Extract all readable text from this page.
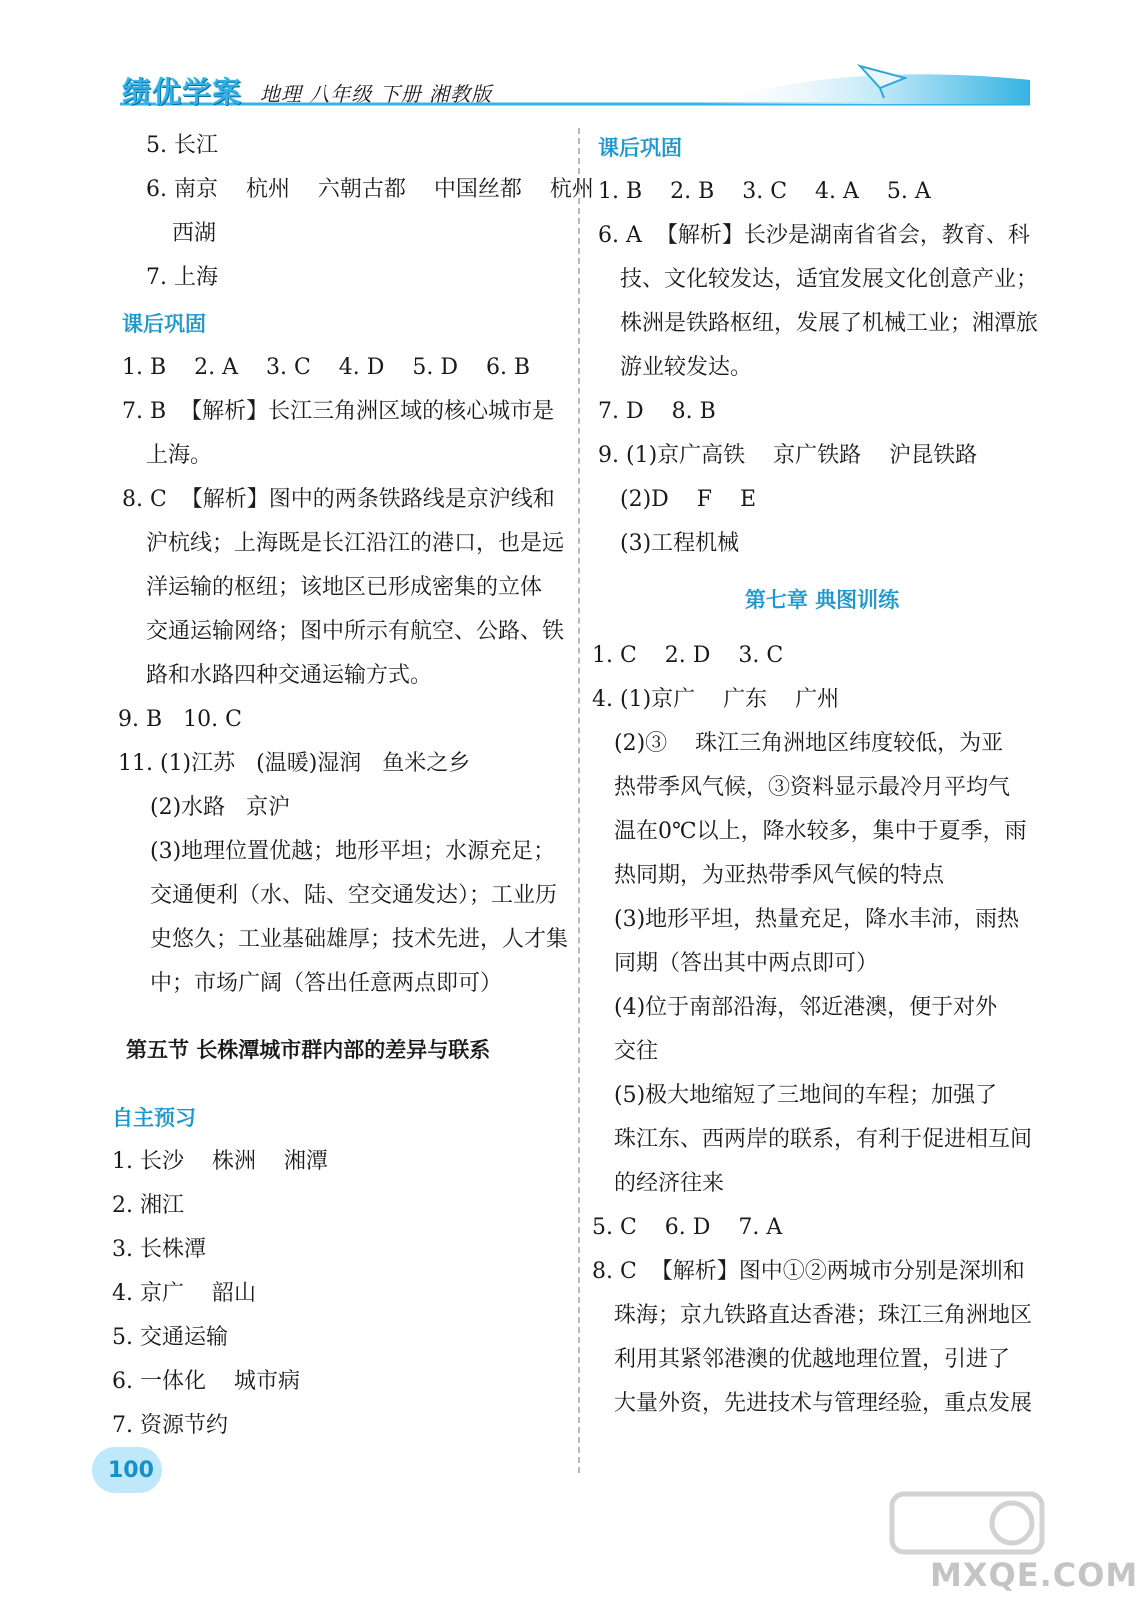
绩优学案 地理 八年级 下册 湘教版
5. 长江
6. 南京    杭州    六朝古都    中国丝都    杭州
西湖
7. 上海
课后巩固
1. B    2. A    3. C    4. D    5. D    6. B
7. B  【解析】长江三角洲区域的核心城市是
上海。
8. C  【解析】图中的两条铁路线是京沪线和
沪杭线；上海既是长江沿江的港口，也是远
洋运输的枢纽；该地区已形成密集的立体
交通运输网络；图中所示有航空、公路、铁
路和水路四种交通运输方式。
9. B   10. C
11. (1)江苏   (温暖)湿润   鱼米之乡
(2)水路   京沪
(3)地理位置优越；地形平坦；水源充足；
交通便利（水、陆、空交通发达）；工业历
史悠久；工业基础雄厚；技术先进，人才集
中；市场广阔（答出任意两点即可）
第五节 长株潭城市群内部的差异与联系
自主预习
1. 长沙    株洲    湘潭
2. 湘江
3. 长株潭
4. 京广    韶山
5. 交通运输
6. 一体化    城市病
7. 资源节约
课后巩固
1. B    2. B    3. C    4. A    5. A
6. A  【解析】长沙是湖南省省会，教育、科
技、文化较发达，适宜发展文化创意产业；
株洲是铁路枢纽，发展了机械工业；湘潭旅
游业较发达。
7. D    8. B
9. (1)京广高铁    京广铁路    沪昆铁路
(2)D    F    E
(3)工程机械
第七章 典图训练
1. C    2. D    3. C
4. (1)京广    广东    广州
(2)③    珠江三角洲地区纬度较低，为亚
热带季风气候，③资料显示最冷月平均气
温在0℃以上，降水较多，集中于夏季，雨
热同期，为亚热带季风气候的特点
(3)地形平坦，热量充足，降水丰沛，雨热
同期（答出其中两点即可）
(4)位于南部沿海，邻近港澳，便于对外
交往
(5)极大地缩短了三地间的车程；加强了
珠江东、西两岸的联系，有利于促进相互间
的经济往来
5. C    6. D    7. A
8. C  【解析】图中①②两城市分别是深圳和
珠海；京九铁路直达香港；珠江三角洲地区
利用其紧邻港澳的优越地理位置，引进了
大量外资，先进技术与管理经验，重点发展
100
MXQE.COM
